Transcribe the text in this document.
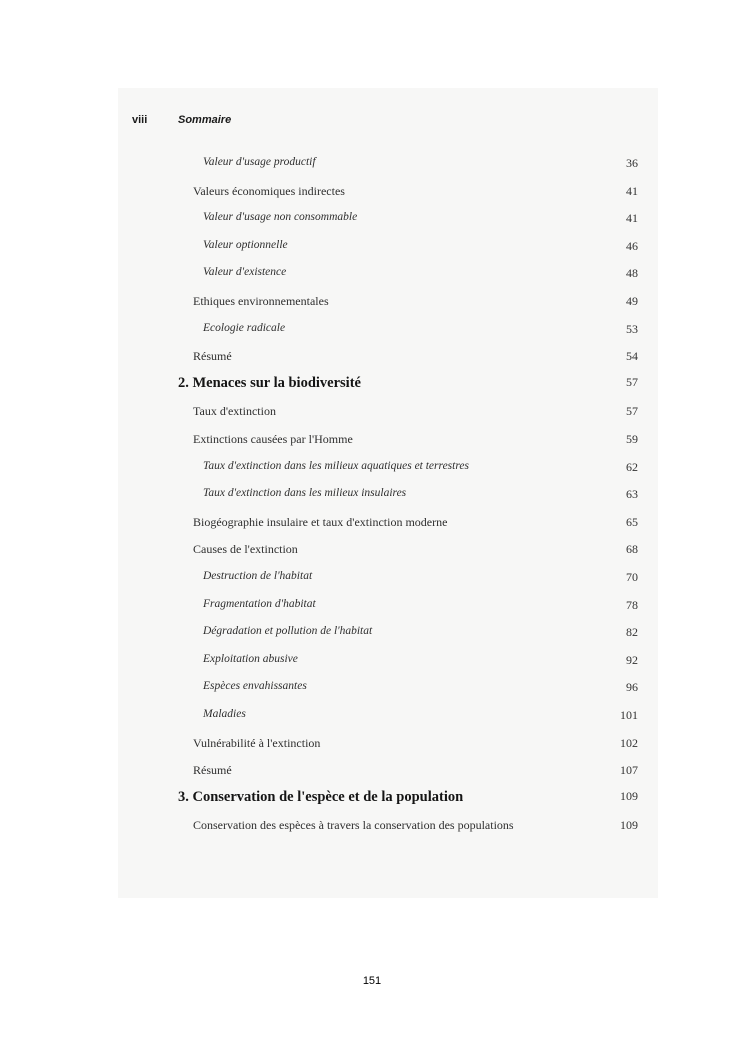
viii	Sommaire
Valeur d'usage productif	36
Valeurs économiques indirectes	41
Valeur d'usage non consommable	41
Valeur optionnelle	46
Valeur d'existence	48
Ethiques environnementales	49
Ecologie radicale	53
Résumé	54
2. Menaces sur la biodiversité	57
Taux d'extinction	57
Extinctions causées par l'Homme	59
Taux d'extinction dans les milieux aquatiques et terrestres	62
Taux d'extinction dans les milieux insulaires	63
Biogéographie insulaire et taux d'extinction moderne	65
Causes de l'extinction	68
Destruction de l'habitat	70
Fragmentation d'habitat	78
Dégradation et pollution de l'habitat	82
Exploitation abusive	92
Espèces envahissantes	96
Maladies	101
Vulnérabilité à l'extinction	102
Résumé	107
3. Conservation de l'espèce et de la population	109
Conservation des espèces à travers la conservation des populations	109
151
